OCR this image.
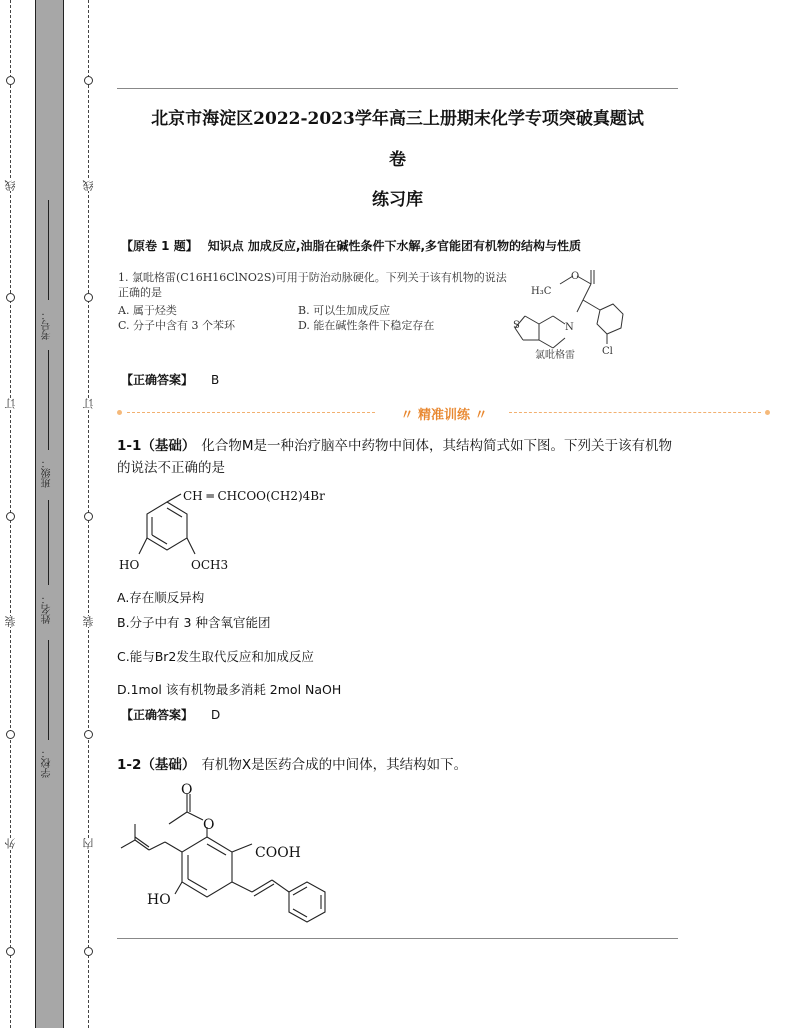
线
订
装
外
线
订
装
内
考号：
班级：
姓名：
学校：
北京市海淀区2022-2023学年高三上册期末化学专项突破真题试
卷
练习库
【原卷 1 题】 知识点 加成反应,油脂在碱性条件下水解,多官能团有机物的结构与性质
1. 氯吡格雷(C16H16ClNO2S)可用于防治动脉硬化。下列关于该有机物的说法
正确的是
A. 属于烃类	B. 可以生加成反应
C. 分子中含有 3 个苯环	D. 能在碱性条件下稳定存在
H₃C
O
N
S
Cl
氯吡格雷
【正确答案】 B
〃 精准训练 〃
1-1（基础） 化合物M是一种治疗脑卒中药物中间体，其结构简式如下图。下列关于该有机物的说法不正确的是
CH ═ CHCOO(CH2)4Br
HO	OCH3
A.存在顺反异构
B.分子中有 3 种含氧官能团
C.能与Br2发生取代反应和加成反应
D.1mol 该有机物最多消耗 2mol NaOH
【正确答案】 D
1-2（基础） 有机物X是医药合成的中间体，其结构如下。
O
O
COOH
HO
